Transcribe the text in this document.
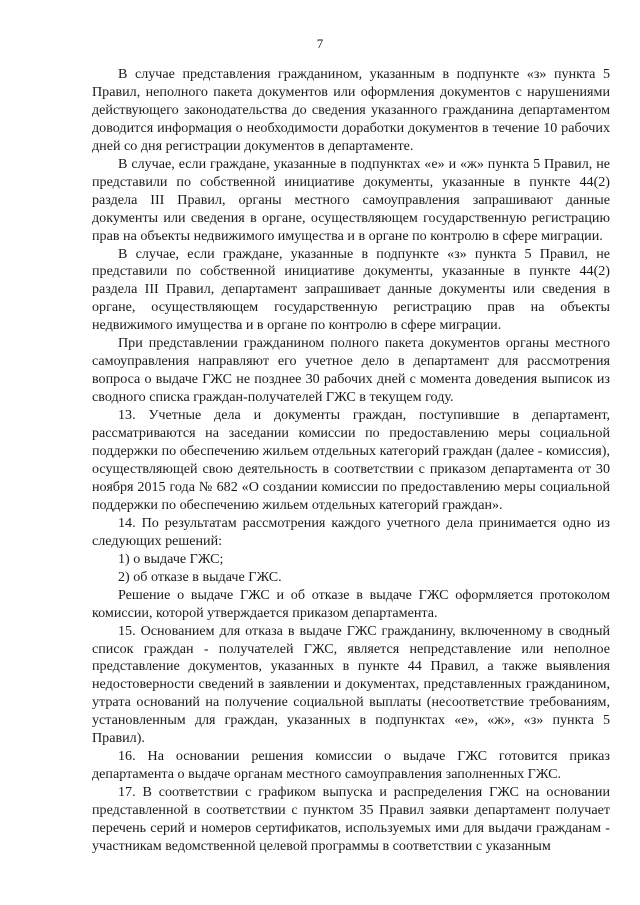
7

В случае представления гражданином, указанным в подпункте «з» пункта 5 Правил, неполного пакета документов или оформления документов с нарушениями действующего законодательства до сведения указанного гражданина департаментом доводится информация о необходимости доработки документов в течение 10 рабочих дней со дня регистрации документов в департаменте.

В случае, если граждане, указанные в подпунктах «е» и «ж» пункта 5 Правил, не представили по собственной инициативе документы, указанные в пункте 44(2) раздела III Правил, органы местного самоуправления запрашивают данные документы или сведения в органе, осуществляющем государственную регистрацию прав на объекты недвижимого имущества и в органе по контролю в сфере миграции.

В случае, если граждане, указанные в подпункте «з» пункта 5 Правил, не представили по собственной инициативе документы, указанные в пункте 44(2) раздела III Правил, департамент запрашивает данные документы или сведения в органе, осуществляющем государственную регистрацию прав на объекты недвижимого имущества и в органе по контролю в сфере миграции.

При представлении гражданином полного пакета документов органы местного самоуправления направляют его учетное дело в департамент для рассмотрения вопроса о выдаче ГЖС не позднее 30 рабочих дней с момента доведения выписок из сводного списка граждан-получателей ГЖС в текущем году.

13. Учетные дела и документы граждан, поступившие в департамент, рассматриваются на заседании комиссии по предоставлению меры социальной поддержки по обеспечению жильем отдельных категорий граждан (далее - комиссия), осуществляющей свою деятельность в соответствии с приказом департамента от 30 ноября 2015 года № 682 «О создании комиссии по предоставлению меры социальной поддержки по обеспечению жильем отдельных категорий граждан».

14. По результатам рассмотрения каждого учетного дела принимается одно из следующих решений:

1) о выдаче ГЖС;

2) об отказе в выдаче ГЖС.

Решение о выдаче ГЖС и об отказе в выдаче ГЖС оформляется протоколом комиссии, которой утверждается приказом департамента.

15. Основанием для отказа в выдаче ГЖС гражданину, включенному в сводный список граждан - получателей ГЖС, является непредставление или неполное представление документов, указанных в пункте 44 Правил, а также выявления недостоверности сведений в заявлении и документах, представленных гражданином, утрата оснований на получение социальной выплаты (несоответствие требованиям, установленным для граждан, указанных в подпунктах «е», «ж», «з» пункта 5 Правил).

16. На основании решения комиссии о выдаче ГЖС готовится приказ департамента о выдаче органам местного самоуправления заполненных ГЖС.

17. В соответствии с графиком выпуска и распределения ГЖС на основании представленной в соответствии с пунктом 35 Правил заявки департамент получает перечень серий и номеров сертификатов, используемых ими для выдачи гражданам - участникам ведомственной целевой программы в соответствии с указанным
